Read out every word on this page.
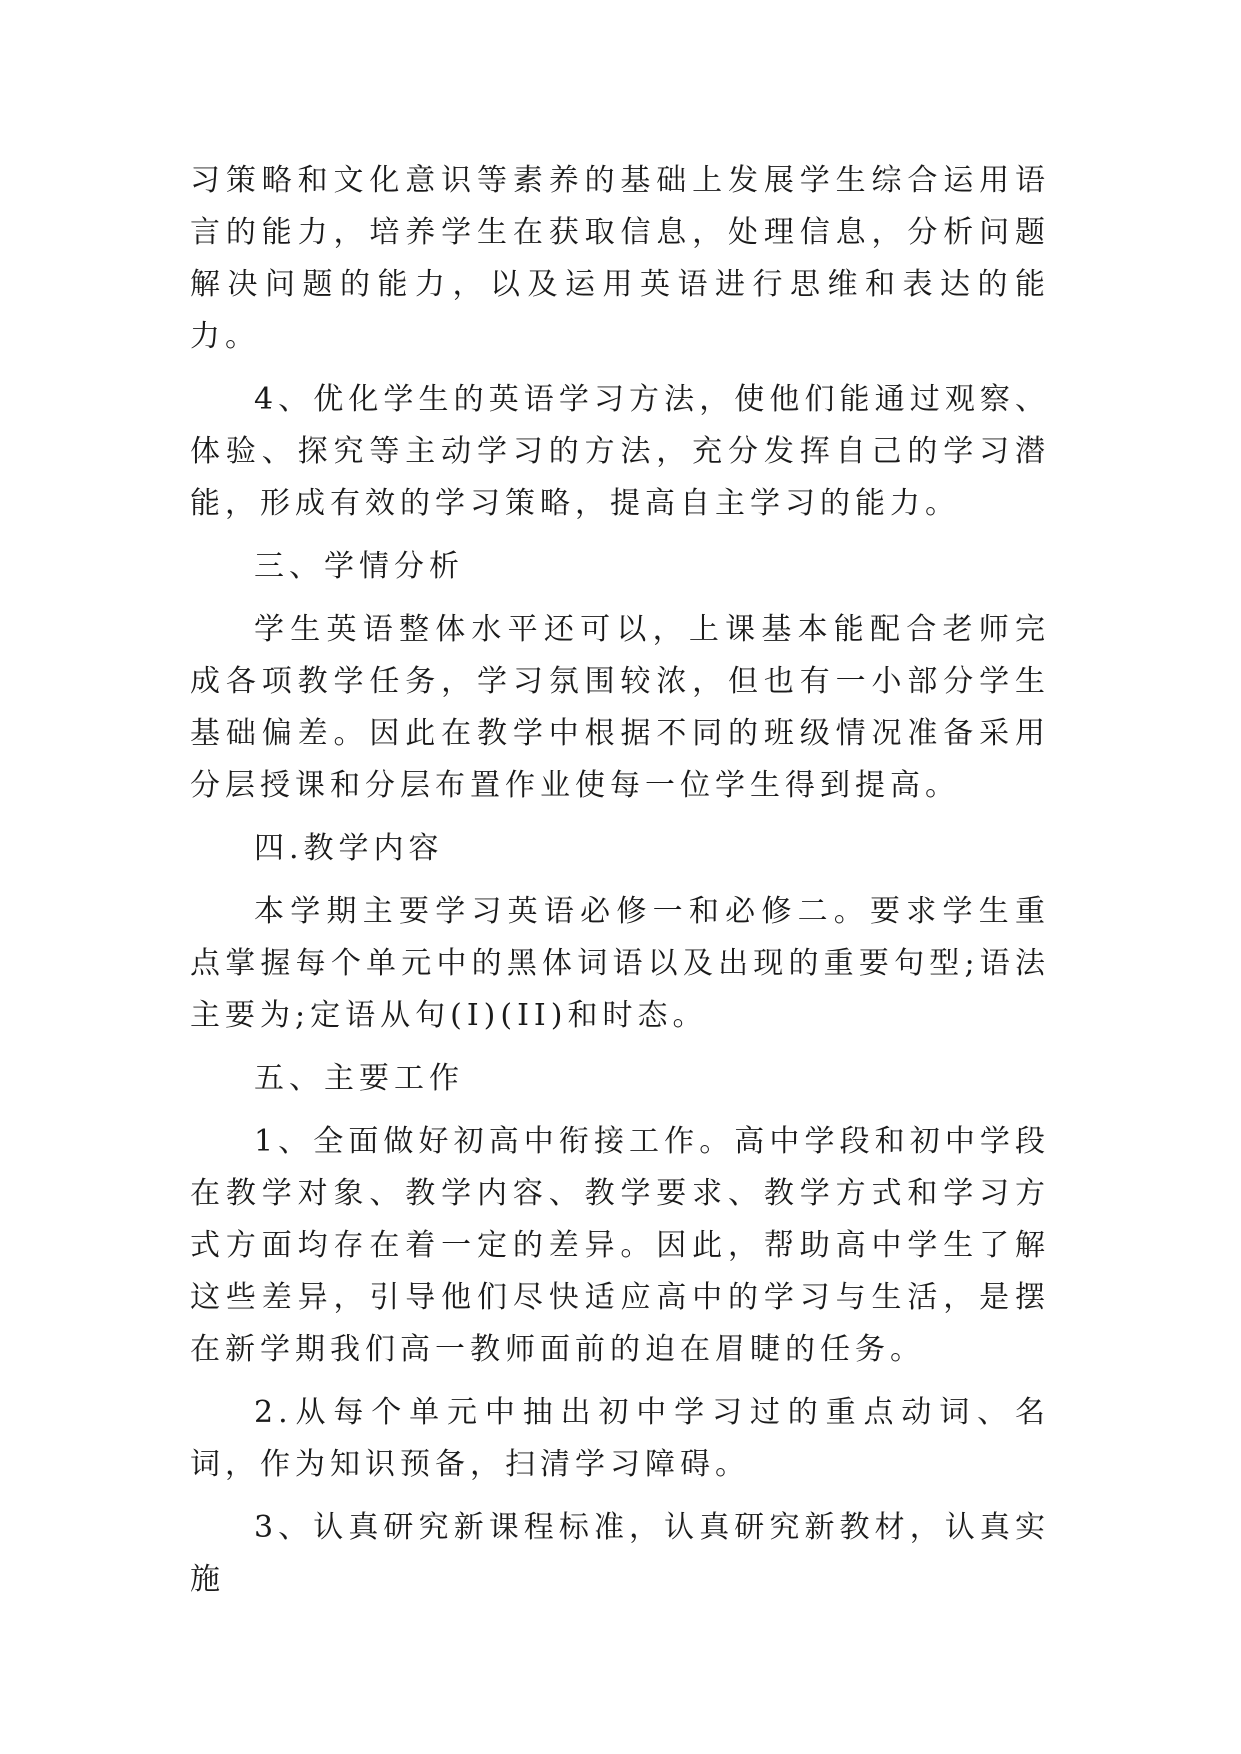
习策略和文化意识等素养的基础上发展学生综合运用语言的能力，培养学生在获取信息，处理信息，分析问题解决问题的能力，以及运用英语进行思维和表达的能力。

4、优化学生的英语学习方法，使他们能通过观察、体验、探究等主动学习的方法，充分发挥自己的学习潜能，形成有效的学习策略，提高自主学习的能力。

三、学情分析

学生英语整体水平还可以，上课基本能配合老师完成各项教学任务，学习氛围较浓，但也有一小部分学生基础偏差。因此在教学中根据不同的班级情况准备采用分层授课和分层布置作业使每一位学生得到提高。

四.教学内容

本学期主要学习英语必修一和必修二。要求学生重点掌握每个单元中的黑体词语以及出现的重要句型;语法主要为;定语从句(I)(II)和时态。

五、主要工作

1、全面做好初高中衔接工作。高中学段和初中学段在教学对象、教学内容、教学要求、教学方式和学习方式方面均存在着一定的差异。因此，帮助高中学生了解这些差异，引导他们尽快适应高中的学习与生活，是摆在新学期我们高一教师面前的迫在眉睫的任务。

2.从每个单元中抽出初中学习过的重点动词、名词，作为知识预备，扫清学习障碍。

3、认真研究新课程标准，认真研究新教材，认真实施
